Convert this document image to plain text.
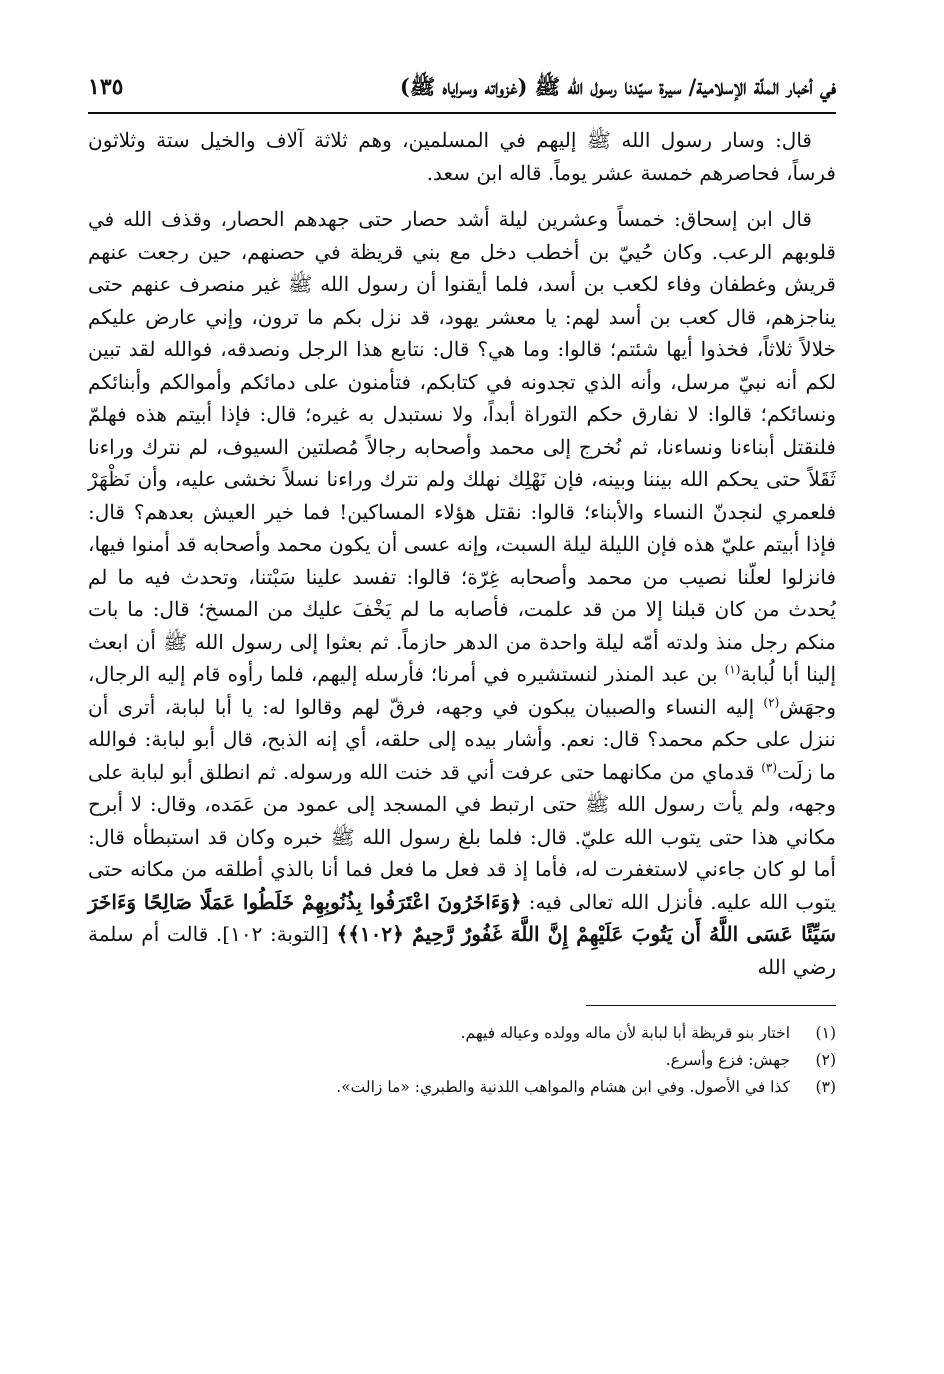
في أخبار الملّة الإسلامية/ سيرة سيّدنا رسول الله ﷺ (غزواته وسراياه ﷺ)
١٣٥

قال: وسار رسول الله ﷺ إليهم في المسلمين، وهم ثلاثة آلاف والخيل ستة وثلاثون فرساً، فحاصرهم خمسة عشر يوماً. قاله ابن سعد.

قال ابن إسحاق: خمساً وعشرين ليلة أشد حصار حتى جهدهم الحصار، وقذف الله في قلوبهم الرعب. وكان حُييّ بن أخطب دخل مع بني قريظة في حصنهم، حين رجعت عنهم قريش وغطفان وفاء لكعب بن أسد، فلما أيقنوا أن رسول الله ﷺ غير منصرف عنهم حتى يناجزهم، قال كعب بن أسد لهم: يا معشر يهود، قد نزل بكم ما ترون، وإني عارض عليكم خلالاً ثلاثاً، فخذوا أيها شئتم؛ قالوا: وما هي؟ قال: نتابع هذا الرجل ونصدقه، فوالله لقد تبين لكم أنه نبيّ مرسل، وأنه الذي تجدونه في كتابكم، فتأمنون على دمائكم وأموالكم وأبنائكم ونسائكم؛ قالوا: لا نفارق حكم التوراة أبداً، ولا نستبدل به غيره؛ قال: فإذا أبيتم هذه فهلمّ فلنقتل أبناءنا ونساءنا، ثم نُخرج إلى محمد وأصحابه رجالاً مُصلتين السيوف، لم نترك وراءنا ثَقَلاً حتى يحكم الله بيننا وبينه، فإن نَهْلِك نهلك ولم نترك وراءنا نسلاً نخشى عليه، وأن نَظْهَرْ فلعمري لنجدنّ النساء والأبناء؛ قالوا: نقتل هؤلاء المساكين! فما خير العيش بعدهم؟ قال: فإذا أبيتم عليّ هذه فإن الليلة ليلة السبت، وإنه عسى أن يكون محمد وأصحابه قد أمنوا فيها، فانزلوا لعلّنا نصيب من محمد وأصحابه غِرّة؛ قالوا: تفسد علينا سَبْتنا، وتحدث فيه ما لم يُحدث من كان قبلنا إلا من قد علمت، فأصابه ما لم يَخْفَ عليك من المسخ؛ قال: ما بات منكم رجل منذ ولدته أمّه ليلة واحدة من الدهر حازماً. ثم بعثوا إلى رسول الله ﷺ أن ابعث إلينا أبا لُبابة$^{(١)}$ بن عبد المنذر لنستشيره في أمرنا؛ فأرسله إليهم، فلما رأوه قام إليه الرجال، وجهَش$^{(٢)}$ إليه النساء والصبيان يبكون في وجهه، فرقّ لهم وقالوا له: يا أبا لبابة، أترى أن ننزل على حكم محمد؟ قال: نعم. وأشار بيده إلى حلقه، أي إنه الذبح، قال أبو لبابة: فوالله ما زلَت$^{(٣)}$ قدماي من مكانهما حتى عرفت أني قد خنت الله ورسوله. ثم انطلق أبو لبابة على وجهه، ولم يأت رسول الله ﷺ حتى ارتبط في المسجد إلى عمود من عَمَده، وقال: لا أبرح مكاني هذا حتى يتوب الله عليّ. قال: فلما بلغ رسول الله ﷺ خبره وكان قد استبطأه قال: أما لو كان جاءني لاستغفرت له، فأما إذ قد فعل ما فعل فما أنا بالذي أطلقه من مكانه حتى يتوب الله عليه. فأنزل الله تعالى فيه: ﴿وَءَاخَرُونَ اعْتَرَفُوا بِذُنُوبِهِمْ خَلَطُوا عَمَلًا صَالِحًا وَءَاخَرَ سَيِّئًا عَسَى اللَّهُ أَن يَتُوبَ عَلَيْهِمْ إِنَّ اللَّهَ غَفُورٌ رَّحِيمٌ ﴿١٠٢﴾﴾ [التوبة: ١٠٢]. قالت أم سلمة رضي الله

(١)
اختار بنو قريظة أبا لبابة لأن ماله وولده وعياله فيهم.
(٢)
جهش: فزع وأسرع.
(٣)
كذا في الأصول. وفي ابن هشام والمواهب اللدنية والطبري: «ما زالت».
